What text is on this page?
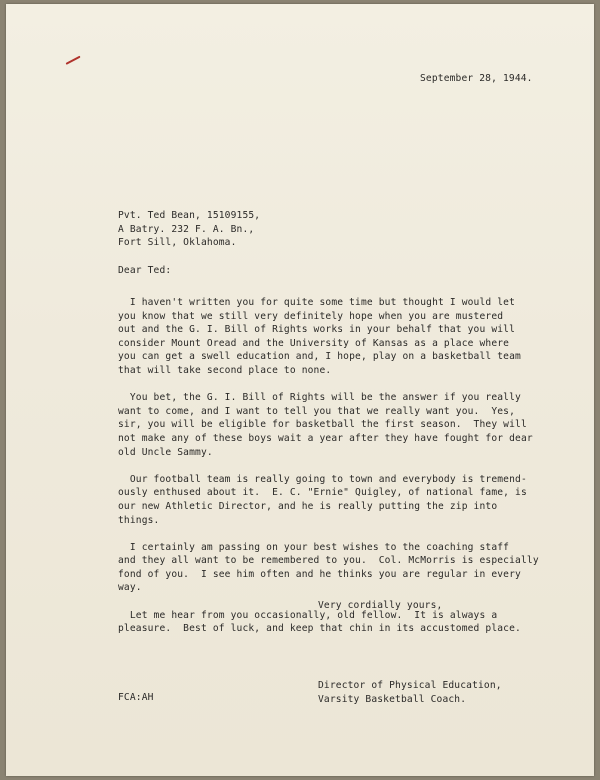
September 28, 1944.
Pvt. Ted Bean, 15109155,
A Batry. 232 F. A. Bn.,
Fort Sill, Oklahoma.
Dear Ted:
I haven't written you for quite some time but thought I would let
you know that we still very definitely hope when you are mustered
out and the G. I. Bill of Rights works in your behalf that you will
consider Mount Oread and the University of Kansas as a place where
you can get a swell education and, I hope, play on a basketball team
that will take second place to none.
You bet, the G. I. Bill of Rights will be the answer if you really
want to come, and I want to tell you that we really want you.  Yes,
sir, you will be eligible for basketball the first season.  They will
not make any of these boys wait a year after they have fought for dear
old Uncle Sammy.
Our football team is really going to town and everybody is tremend-
ously enthused about it.  E. C. "Ernie" Quigley, of national fame, is
our new Athletic Director, and he is really putting the zip into
things.
I certainly am passing on your best wishes to the coaching staff
and they all want to be remembered to you.  Col. McMorris is especially
fond of you.  I see him often and he thinks you are regular in every
way.
Let me hear from you occasionally, old fellow.  It is always a
pleasure.  Best of luck, and keep that chin in its accustomed place.
Very cordially yours,
FCA:AH
Director of Physical Education,
Varsity Basketball Coach.
